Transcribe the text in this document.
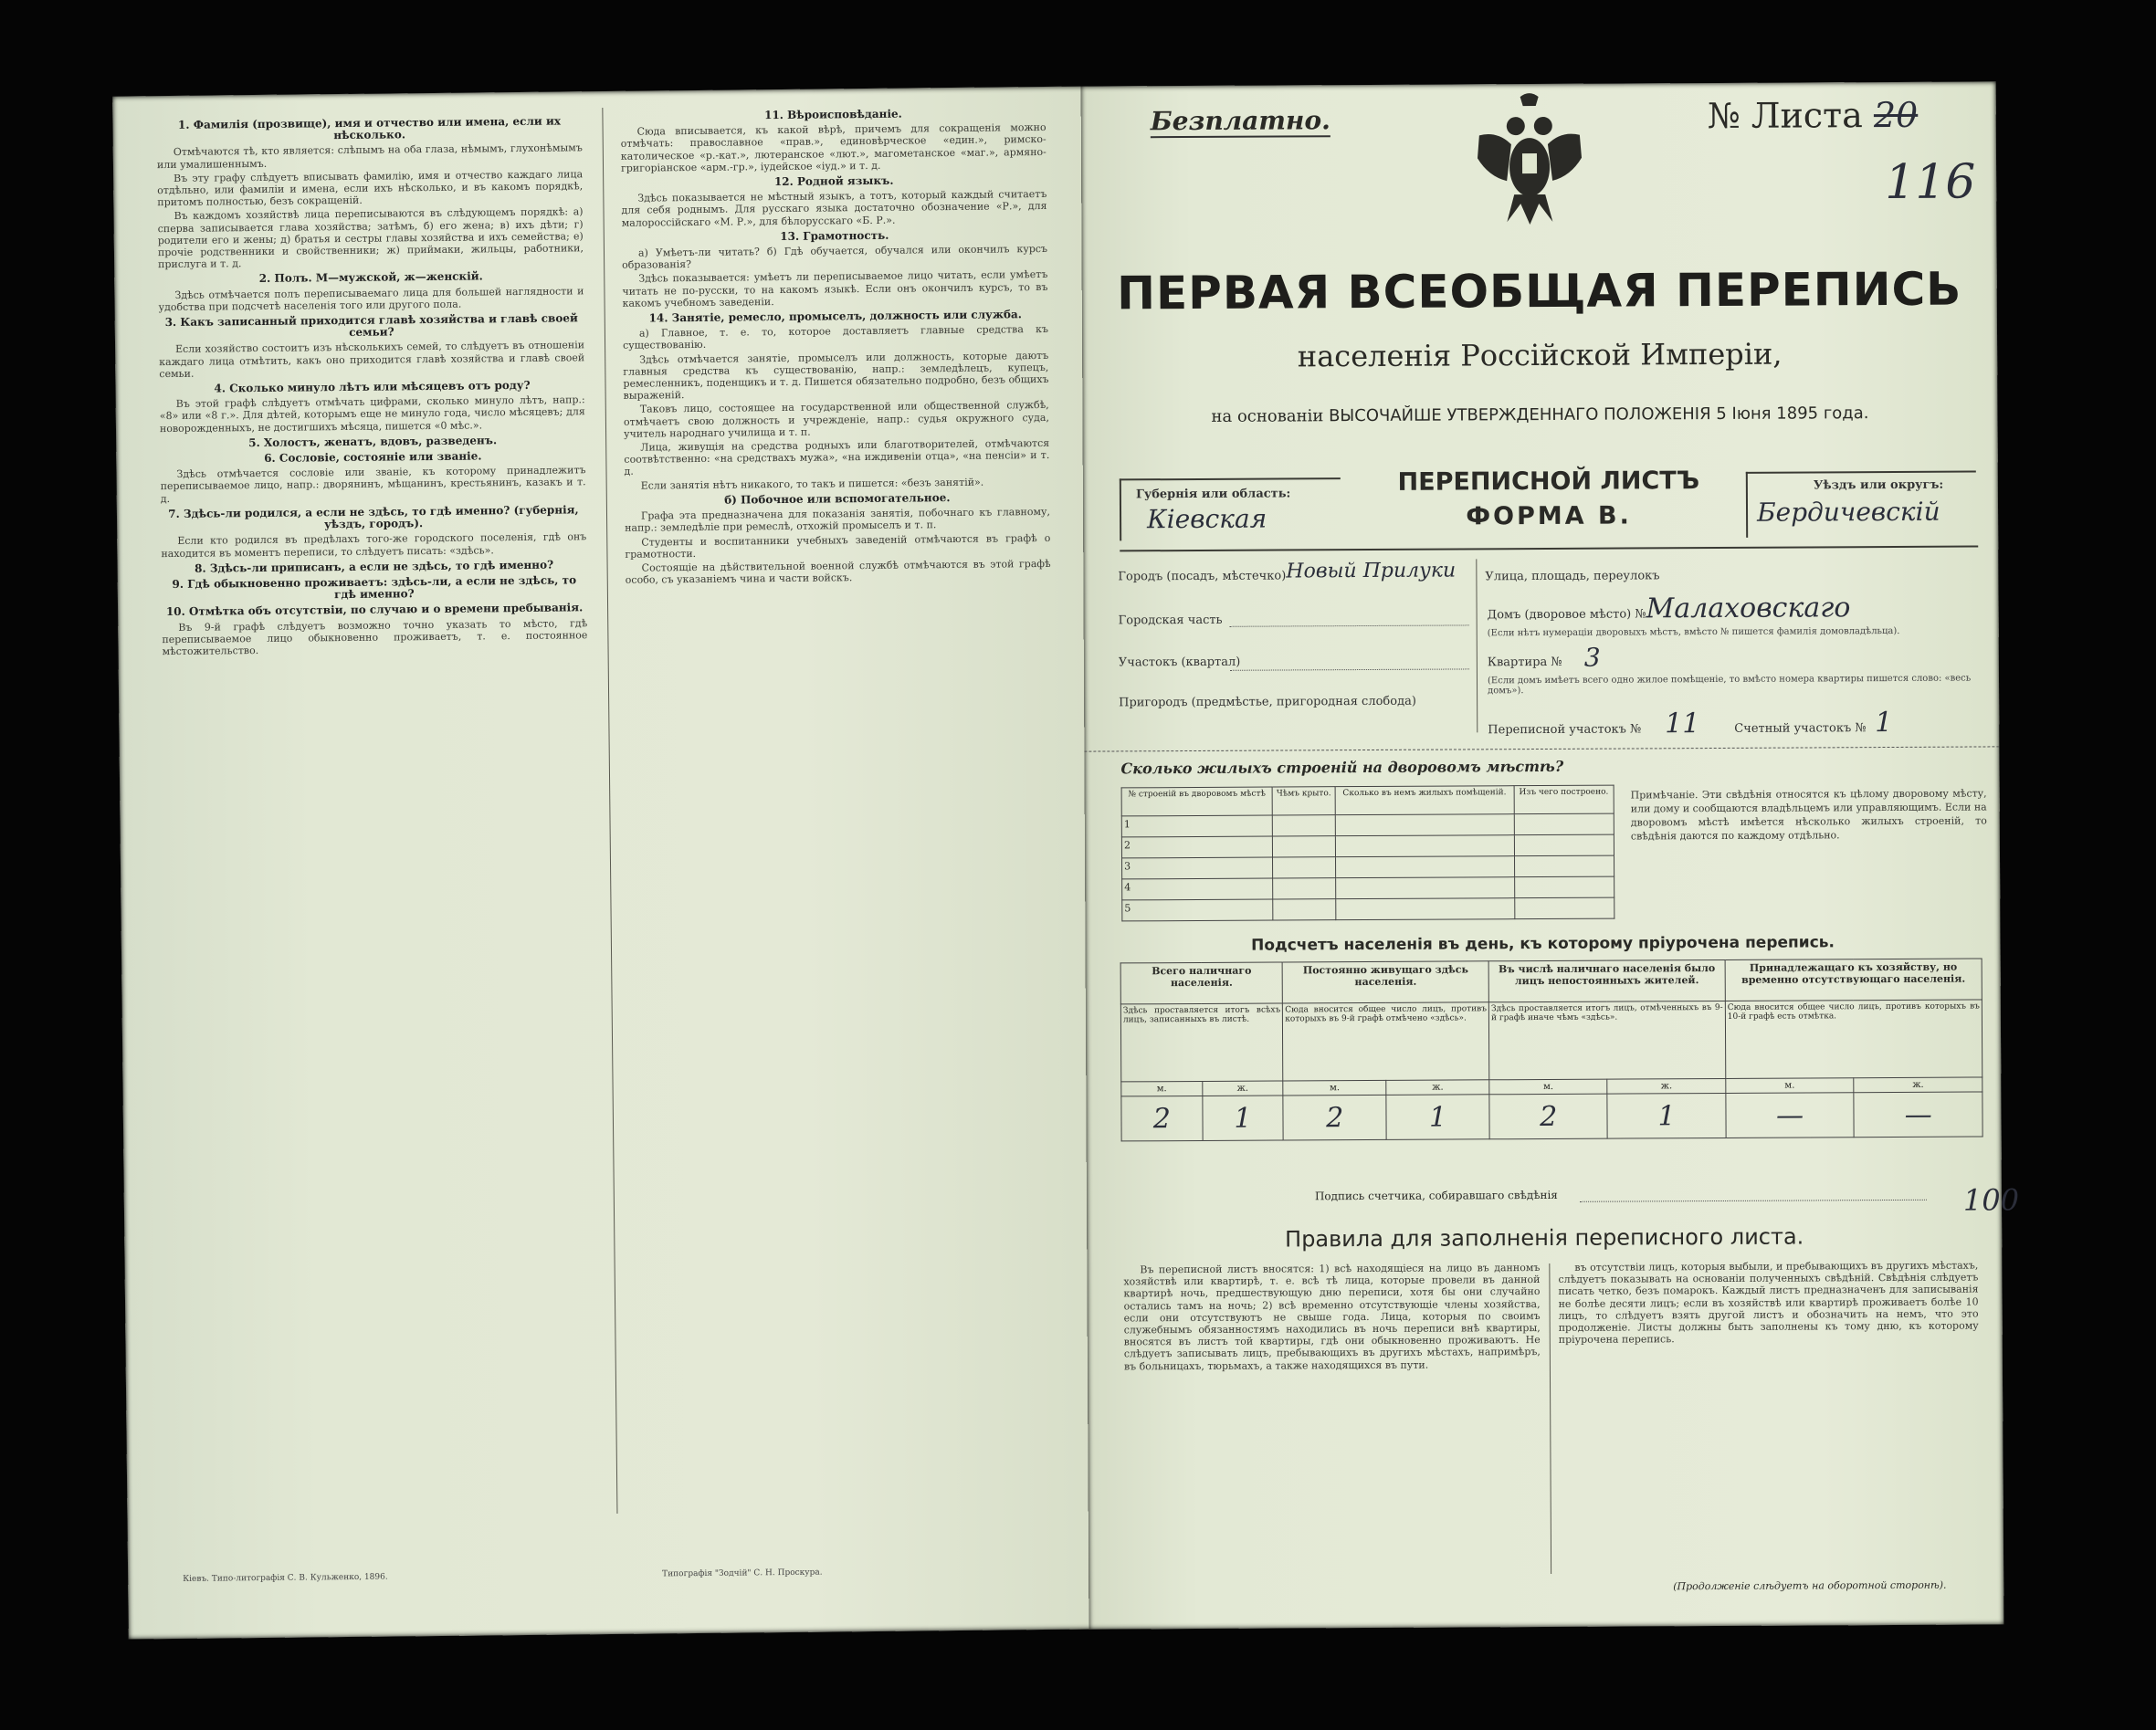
1. Фамилія (прозвище), имя и отчество или имена, если их нѣсколько.

Отмѣчаются тѣ, кто является: слѣпымъ на оба глаза, нѣмымъ, глухонѣмымъ или умалишеннымъ.

Въ эту графу слѣдуетъ вписывать фамилію, имя и отчество каждаго лица отдѣльно, или фамиліи и имена, если ихъ нѣсколько, и въ какомъ порядкѣ, притомъ полностью, безъ сокращеній.

Въ каждомъ хозяйствѣ лица переписываются въ слѣдующемъ порядкѣ: а) сперва записывается глава хозяйства; затѣмъ, б) его жена; в) ихъ дѣти; г) родители его и жены; д) братья и сестры главы хозяйства и ихъ семейства; е) прочіе родственники и свойственники; ж) приймаки, жильцы, работники, прислуга и т. д.

2. Полъ. М—мужской, ж—женскій.

Здѣсь отмѣчается полъ переписываемаго лица для большей наглядности и удобства при подсчетѣ населенія того или другого пола.

3. Какъ записанный приходится главѣ хозяйства и главѣ своей семьи?

Если хозяйство состоитъ изъ нѣсколькихъ семей, то слѣдуетъ въ отношеніи каждаго лица отмѣтить, какъ оно приходится главѣ хозяйства и главѣ своей семьи.

4. Сколько минуло лѣтъ или мѣсяцевъ отъ роду?

Въ этой графѣ слѣдуетъ отмѣчать цифрами, сколько минуло лѣтъ, напр.: «8» или «8 г.». Для дѣтей, которымъ еще не минуло года, число мѣсяцевъ; для новорожденныхъ, не достигшихъ мѣсяца, пишется «0 мѣс.».

5. Холостъ, женатъ, вдовъ, разведенъ.
6. Сословіе, состояніе или званіе.

Здѣсь отмѣчается сословіе или званіе, къ которому принадлежитъ переписываемое лицо, напр.: дворянинъ, мѣщанинъ, крестьянинъ, казакъ и т. д.

7. Здѣсь-ли родился, а если не здѣсь, то гдѣ именно? (губернія, уѣздъ, городъ).

Если кто родился въ предѣлахъ того-же городского поселенія, гдѣ онъ находится въ моментъ переписи, то слѣдуетъ писать: «здѣсь».

8. Здѣсь-ли приписанъ, а если не здѣсь, то гдѣ именно?
9. Гдѣ обыкновенно проживаетъ: здѣсь-ли, а если не здѣсь, то гдѣ именно?
10. Отмѣтка объ отсутствіи, по случаю и о времени пребыванія.

Въ 9-й графѣ слѣдуетъ возможно точно указать то мѣсто, гдѣ переписываемое лицо обыкновенно проживаетъ, т. е. постоянное мѣстожительство.

11. Вѣроисповѣданіе.

Сюда вписывается, къ какой вѣрѣ, причемъ для сокращенія можно отмѣчать: православное «прав.», единовѣрческое «един.», римско-католическое «р.-кат.», лютеранское «лют.», магометанское «маг.», армяно-григоріанское «арм.-гр.», іудейское «іуд.» и т. д.

12. Родной языкъ.

Здѣсь показывается не мѣстный языкъ, а тотъ, который каждый считаетъ для себя роднымъ. Для русскаго языка достаточно обозначение «Р.», для малороссійскаго «М. Р.», для бѣлорусскаго «Б. Р.».

13. Грамотность.

а) Умѣетъ-ли читать? б) Гдѣ обучается, обучался или окончилъ курсъ образованія?

Здѣсь показывается: умѣетъ ли переписываемое лицо читать, если умѣетъ читать не по-русски, то на какомъ языкѣ. Если онъ окончилъ курсъ, то въ какомъ учебномъ заведеніи.

14. Занятіе, ремесло, промыселъ, должность или служба.

а) Главное, т. е. то, которое доставляетъ главные средства къ существованію.

Здѣсь отмѣчается занятіе, промыселъ или должность, которые даютъ главныя средства къ существованію, напр.: земледѣлецъ, купецъ, ремесленникъ, поденщикъ и т. д. Пишется обязательно подробно, безъ общихъ выраженій.

Таковъ лицо, состоящее на государственной или общественной службѣ, отмѣчаетъ свою должность и учрежденіе, напр.: судья окружного суда, учитель народнаго училища и т. п.

Лица, живущія на средства родныхъ или благотворителей, отмѣчаются соотвѣтственно: «на средствахъ мужа», «на иждивеніи отца», «на пенсіи» и т. д.

Если занятія нѣтъ никакого, то такъ и пишется: «безъ занятій».

б) Побочное или вспомогательное.

Графа эта предназначена для показанія занятія, побочнаго къ главному, напр.: земледѣліе при ремеслѣ, отхожій промыселъ и т. п.

Студенты и воспитанники учебныхъ заведеній отмѣчаются въ графѣ о грамотности.

Состоящіе на дѣйствительной военной службѣ отмѣчаются въ этой графѣ особо, съ указаніемъ чина и части войскъ.

Кіевъ. Типо-литографія С. В. Кульженко, 1896.	Типографія "Зодчій" С. Н. Проскура.
Безплатно.	№ Листа 20
116
ПЕРВАЯ ВСЕОБЩАЯ ПЕРЕПИСЬ
населенія Россійской Имперіи,
на основаніи ВЫСОЧАЙШЕ УТВЕРЖДЕННАГО ПОЛОЖЕНІЯ 5 Іюня 1895 года.
Губернія или область:
Кіевская
ПЕРЕПИСНОЙ ЛИСТЪ
ФОРМА В.
Уѣздъ или округъ:
Бердичевскій
Городъ (посадъ, мѣстечко) Новый Прилуки Улица, площадь, переулокъ
Городская часть	Домъ (дворовое мѣсто) № Малаховскаго
(Если нѣтъ нумераціи дворовыхъ мѣстъ, вмѣсто № пишется фамилія домовладѣльца).
Участокъ (квартал)	Квартира № 3
(Если домъ имѣетъ всего одно жилое помѣщеніе, то вмѣсто номера квартиры пишется слово: «весь домъ»).
Пригородъ (предмѣстье, пригородная слобода)
Переписной участокъ № 11	Счетный участокъ № 1
Сколько жилыхъ строеній на дворовомъ мѣстѣ?
№ строеній въ дворовомъ мѣстѣ	Чѣмъ крыто.	Сколько въ немъ жилыхъ помѣщеній.	Изъ чего построено.
1			
2			
3			
4			
5			
Примѣчаніе. Эти свѣдѣнія относятся къ цѣлому дворовому мѣсту, или дому и сообщаются владѣльцемъ или управляющимъ. Если на дворовомъ мѣстѣ имѣется нѣсколько жилыхъ строеній, то свѣдѣнія даются по каждому отдѣльно.
Подсчетъ населенія въ день, къ которому пріурочена перепись.
Всего наличнаго населенія.		Постоянно живущаго здѣсь населенія.		Въ числѣ наличнаго населенія было лицъ непостоянныхъ жителей.		Принадлежащаго къ хозяйству, но временно отсутствующаго населенія.	
Здѣсь проставляется итогъ всѣхъ лицъ, записанныхъ въ листѣ.		Сюда вносится общее число лицъ, противъ которыхъ въ 9-й графѣ отмѣчено «здѣсь».		Здѣсь проставляется итогъ лицъ, отмѣченныхъ въ 9-й графѣ иначе чѣмъ «здѣсь».		Сюда вносится общее число лицъ, противъ которыхъ въ 10-й графѣ есть отмѣтка.	
м.	ж.	м.	ж.	м.	ж.	м.	ж.
2	1	2	1	2	1	—	—
Подпись счетчика, собиравшаго свѣдѣнія	100
Правила для заполненія переписного листа.
Въ переписной листъ вносятся: 1) всѣ находящіеся на лицо въ данномъ хозяйствѣ или квартирѣ, т. е. всѣ тѣ лица, которые провели въ данной квартирѣ ночь, предшествующую дню переписи, хотя бы они случайно остались тамъ на ночь; 2) всѣ временно отсутствующіе члены хозяйства, если они отсутствуютъ не свыше года. Лица, которыя по своимъ служебнымъ обязанностямъ находились въ ночь переписи внѣ квартиры, вносятся въ листъ той квартиры, гдѣ они обыкновенно проживаютъ. Не слѣдуетъ записывать лицъ, пребывающихъ въ другихъ мѣстахъ, напримѣръ, въ больницахъ, тюрьмахъ, а также находящихся въ пути.
въ отсутствіи лицъ, которыя выбыли, и пребывающихъ въ другихъ мѣстахъ, слѣдуетъ показывать на основаніи полученныхъ свѣдѣній. Свѣдѣнія слѣдуетъ писать четко, безъ помарокъ. Каждый листъ предназначенъ для записыванія не болѣе десяти лицъ; если въ хозяйствѣ или квартирѣ проживаетъ болѣе 10 лицъ, то слѣдуетъ взять другой листъ и обозначить на немъ, что это продолженіе. Листы должны быть заполнены къ тому дню, къ которому пріурочена перепись.
(Продолженіе слѣдуетъ на оборотной сторонѣ).
